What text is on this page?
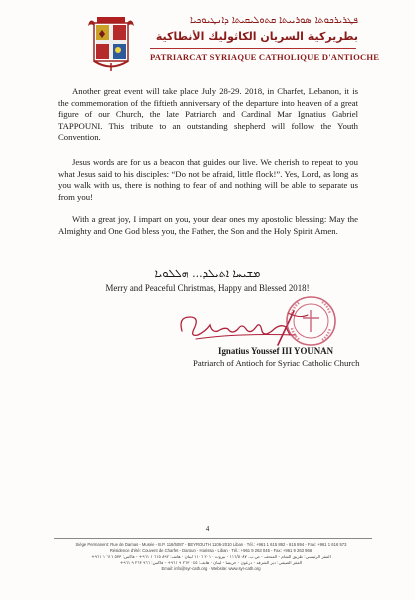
ܦܛܪܝܪܟܘܬܐ ܣܘܪܝܝܬܐ ܩܬܘܠܝܩܝܬܐ ܕܐܢܛܝܘܟܝܐ
بطريركية السريان الكاثوليك الأنطاكية
PATRIARCAT SYRIAQUE CATHOLIQUE D'ANTIOCHE

Another great event will take place July 28-29. 2018, in Charfet, Lebanon, it is the commemoration of the fiftieth anniversary of the departure into heaven of a great figure of our Church, the late Patriarch and Cardinal Mar Ignatius Gabriel TAPPOUNI. This tribute to an outstanding shepherd will follow the Youth Convention.

Jesus words are for us a beacon that guides our live. We cherish to repeat to you what Jesus said to his disciples: “Do not be afraid, little flock!”. Yes, Lord, as long as you walk with us, there is nothing to fear of and nothing will be able to separate us from you!

With a great joy, I impart on you, your dear ones my apostolic blessing: May the Almighty and One God bless you, the Father, the Son and the Holy Spirit Amen.

ܡܫܝܚܐ ܐܬܝܠܕ... ܗܠܠܘܝܐ
Merry and Peaceful Christmas, Happy and Blessed 2018!
Ignatius Youssef III YOUNAN
Patriarch of Antioch for Syriac Catholic Church
4
Siège Permanent: Rue de Damas - Musée - B.P. 116/5087 - BEYROUTH 1106-2010 Liban · Tél.: +961 1 615 892 - 615 894 - Fax: +961 1 616 573
Résidence d'été: Couvent de Charfet - Daroun - Harissa - Liban · Tél.: +961 9 263 045 - Fax: +961 9 263 966
المقر الرئيسي: طريق الشام - المتحف - ص.ب. ١١٦/٥٠٨٧ - بيروت ٢٠١٠ ١١٠٦ لبنان · هاتف: ٨٩٢ ٦١٥ ١ ٩٦١+ - فاكس: ٥٧٣ ٦١٦ ١ ٩٦١+
المقر الصيفي: دير الشرفة - درعون - حريصا - لبنان · هاتف: ٠٤٥ ٢٦٣ ٩ ٩٦١+ - فاكس: ٩٦٦ ٢٦٣ ٩ ٩٦١+
Email: info@syr-cath.org · Website: www.syr-cath.org
